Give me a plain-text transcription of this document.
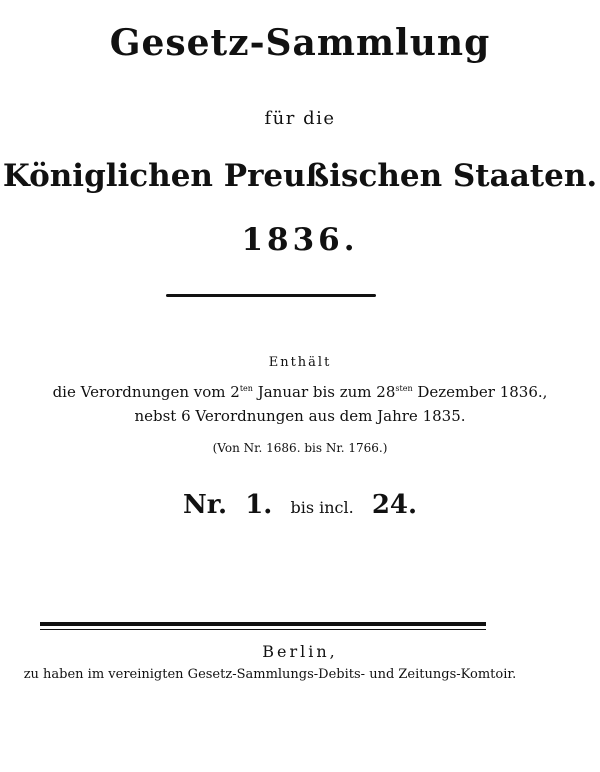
Gesetz-Sammlung
für die
Königlichen Preußischen Staaten.
1836.
Enthält
die Verordnungen vom $2^{ten}$ Januar bis zum $28^{sten}$ Dezember 1836.,
nebst 6 Verordnungen aus dem Jahre 1835.
(Von Nr. 1686. bis Nr. 1766.)
Nr. 1. bis incl. 24.
Berlin,
zu haben im vereinigten Gesetz-Sammlungs-Debits- und Zeitungs-Komtoir.
